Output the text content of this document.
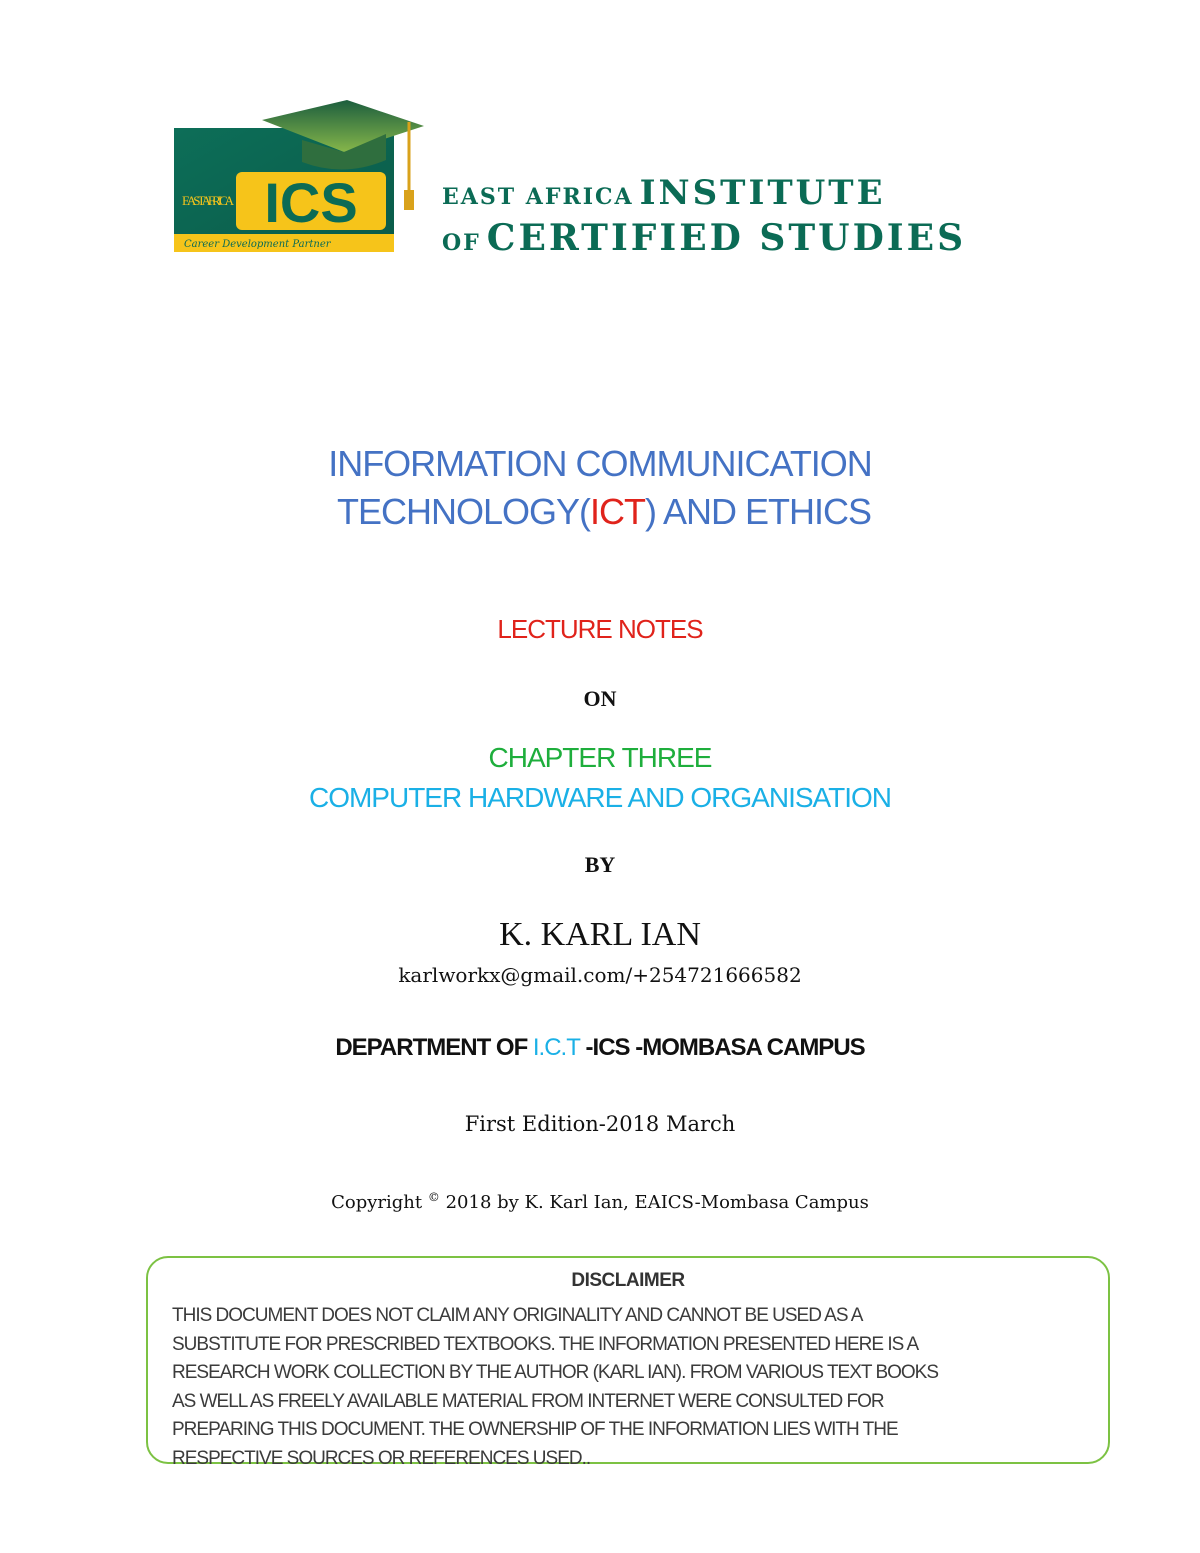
ICS
EAST AFRICA
Career Development Partner
EAST AFRICA INSTITUTE
OF CERTIFIED STUDIES
INFORMATION COMMUNICATION
TECHNOLOGY(ICT) AND ETHICS
LECTURE NOTES
ON
CHAPTER THREE
COMPUTER HARDWARE AND ORGANISATION
BY
K. KARL IAN
karlworkx@gmail.com/+254721666582
DEPARTMENT OF I.C.T -ICS -MOMBASA CAMPUS
First Edition-2018 March
Copyright © 2018 by K. Karl Ian, EAICS-Mombasa Campus
DISCLAIMER
THIS DOCUMENT DOES NOT CLAIM ANY ORIGINALITY AND CANNOT BE USED AS A
SUBSTITUTE FOR PRESCRIBED TEXTBOOKS. THE INFORMATION PRESENTED HERE IS A
RESEARCH WORK COLLECTION BY THE AUTHOR (KARL IAN). FROM VARIOUS TEXT BOOKS
AS WELL AS FREELY AVAILABLE MATERIAL FROM INTERNET WERE CONSULTED FOR
PREPARING THIS DOCUMENT. THE OWNERSHIP OF THE INFORMATION LIES WITH THE
RESPECTIVE SOURCES OR REFERENCES USED..
